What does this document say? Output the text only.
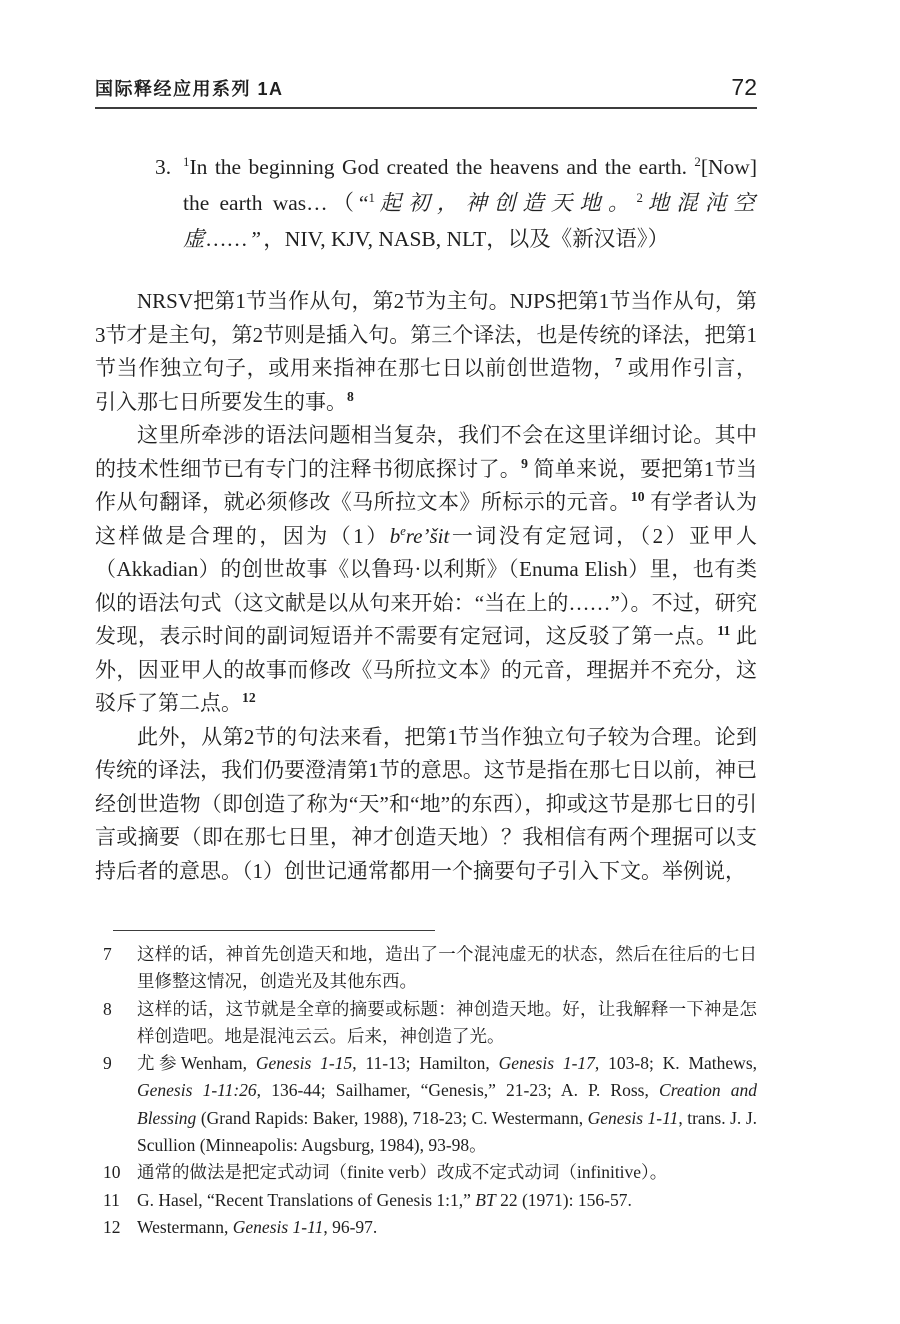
国际释经应用系列 1A	72
3. $^1$In the beginning God created the heavens and the earth. $^2$[Now] the earth was…（“$^1$起初，神创造天地。$^2$地混沌空虚……”，NIV, KJV, NASB, NLT，以及《新汉语》）

NRSV把第1节当作从句，第2节为主句。NJPS把第1节当作从句，第3节才是主句，第2节则是插入句。第三个译法，也是传统的译法，把第1节当作独立句子，或用来指神在那七日以前创世造物，$^7$ 或用作引言，引入那七日所要发生的事。$^8$

这里所牵涉的语法问题相当复杂，我们不会在这里详细讨论。其中的技术性细节已有专门的注释书彻底探讨了。$^9$ 简单来说，要把第1节当作从句翻译，就必须修改《马所拉文本》所标示的元音。$^{10}$ 有学者认为这样做是合理的，因为$(1)b^ere’šit$一词没有定冠词，（2）亚甲人（Akkadian）的创世故事《以鲁玛·以利斯》（Enuma Elish）里，也有类似的语法句式（这文献是以从句来开始：“当在上的……”）。不过，研究发现，表示时间的副词短语并不需要有定冠词，这反驳了第一点。$^{11}$ 此外，因亚甲人的故事而修改《马所拉文本》的元音，理据并不充分，这驳斥了第二点。$^{12}$

此外，从第2节的句法来看，把第1节当作独立句子较为合理。论到传统的译法，我们仍要澄清第1节的意思。这节是指在那七日以前，神已经创世造物（即创造了称为“天”和“地”的东西），抑或这节是那七日的引言或摘要（即在那七日里，神才创造天地）？我相信有两个理据可以支持后者的意思。（1）创世记通常都用一个摘要句子引入下文。举例说，

7	这样的话，神首先创造天和地，造出了一个混沌虚无的状态，然后在往后的七日里修整这情况，创造光及其他东西。
8	这样的话，这节就是全章的摘要或标题：神创造天地。好，让我解释一下神是怎样创造吧。地是混沌云云。后来，神创造了光。
9	尤参Wenham, Genesis 1-15, 11-13; Hamilton, Genesis 1-17, 103-8; K. Mathews, Genesis 1-11:26, 136-44; Sailhamer, “Genesis,” 21-23; A. P. Ross, Creation and Blessing (Grand Rapids: Baker, 1988), 718-23; C. Westermann, Genesis 1-11, trans. J. J. Scullion (Minneapolis: Augsburg, 1984), 93-98。
10 通常的做法是把定式动词（finite verb）改成不定式动词（infinitive）。
11 G. Hasel, “Recent Translations of Genesis 1:1,” BT 22 (1971): 156-57.
12 Westermann, Genesis 1-11, 96-97.
